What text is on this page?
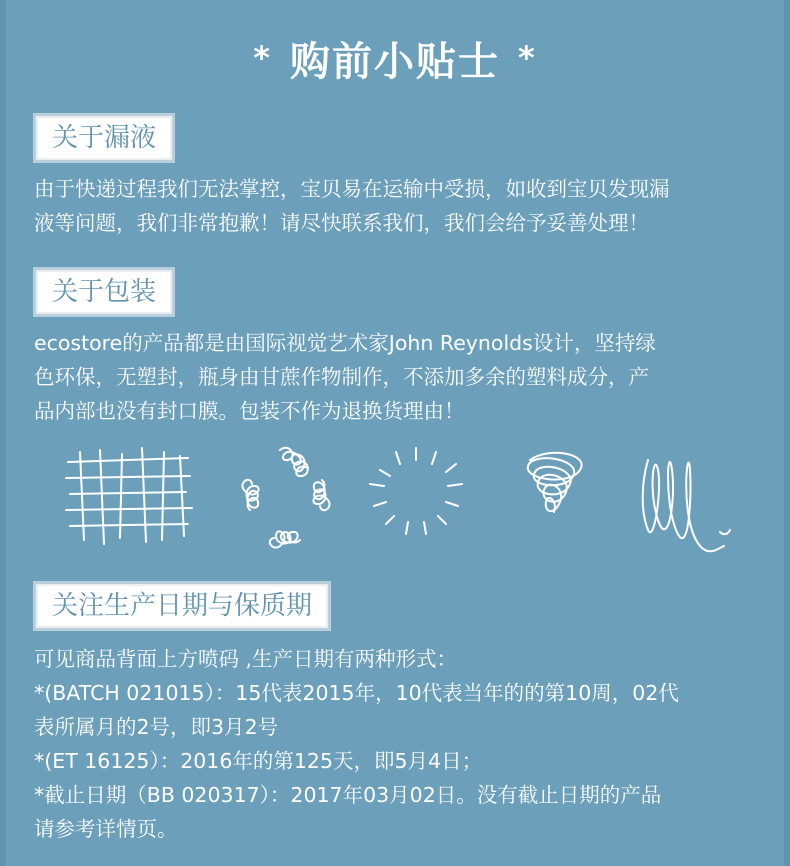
* 购前小贴士 *
关于漏液

由于快递过程我们无法掌控，宝贝易在运输中受损，如收到宝贝发现漏

液等问题，我们非常抱歉！请尽快联系我们，我们会给予妥善处理！

关于包装

ecostore的产品都是由国际视觉艺术家John Reynolds设计，坚持绿

色环保，无塑封，瓶身由甘蔗作物制作，不添加多余的塑料成分，产

品内部也没有封口膜。包装不作为退换货理由！

关注生产日期与保质期

可见商品背面上方喷码 ,生产日期有两种形式：

*(BATCH 021015）：15代表2015年，10代表当年的的第10周，02代

表所属月的2号，即3月2号

*(ET 16125）：2016年的第125天，即5月4日；

*截止日期（BB 020317）：2017年03月02日。没有截止日期的产品

请参考详情页。
